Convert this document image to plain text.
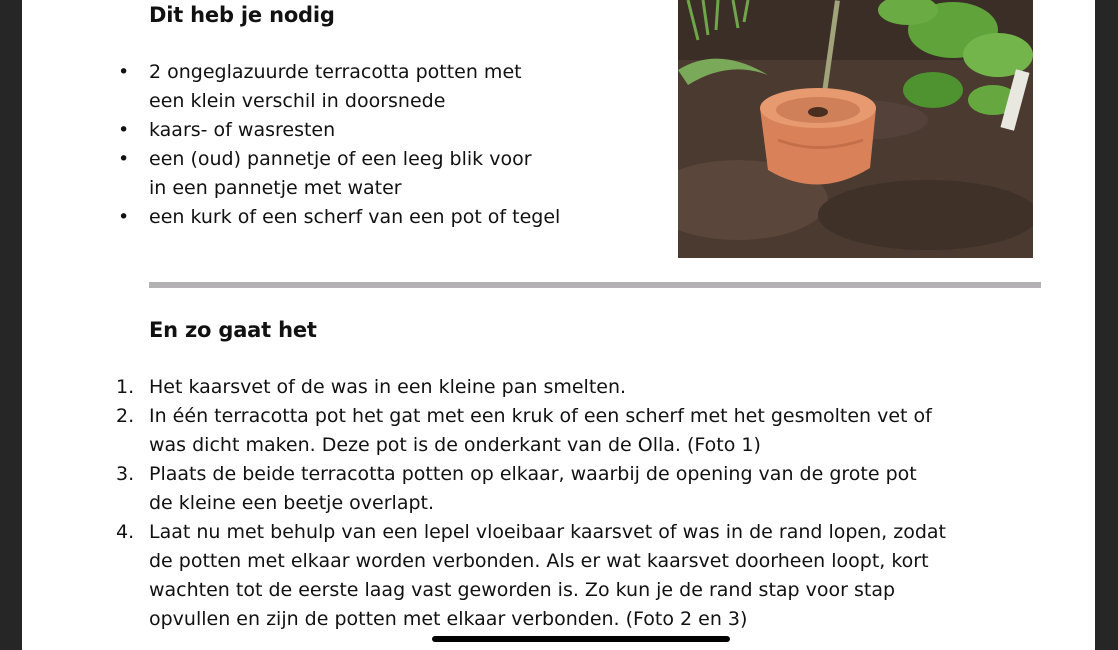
Dit heb je nodig
• 2 ongeglazuurde terracotta potten met
een klein verschil in doorsnede
• kaars- of wasresten
• een (oud) pannetje of een leeg blik voor
in een pannetje met water
• een kurk of een scherf van een pot of tegel
En zo gaat het
1. Het kaarsvet of de was in een kleine pan smelten.
2. In één terracotta pot het gat met een kruk of een scherf met het gesmolten vet of
was dicht maken. Deze pot is de onderkant van de Olla. (Foto 1)
3. Plaats de beide terracotta potten op elkaar, waarbij de opening van de grote pot
de kleine een beetje overlapt.
4. Laat nu met behulp van een lepel vloeibaar kaarsvet of was in de rand lopen, zodat
de potten met elkaar worden verbonden. Als er wat kaarsvet doorheen loopt, kort
wachten tot de eerste laag vast geworden is. Zo kun je de rand stap voor stap
opvullen en zijn de potten met elkaar verbonden. (Foto 2 en 3)
